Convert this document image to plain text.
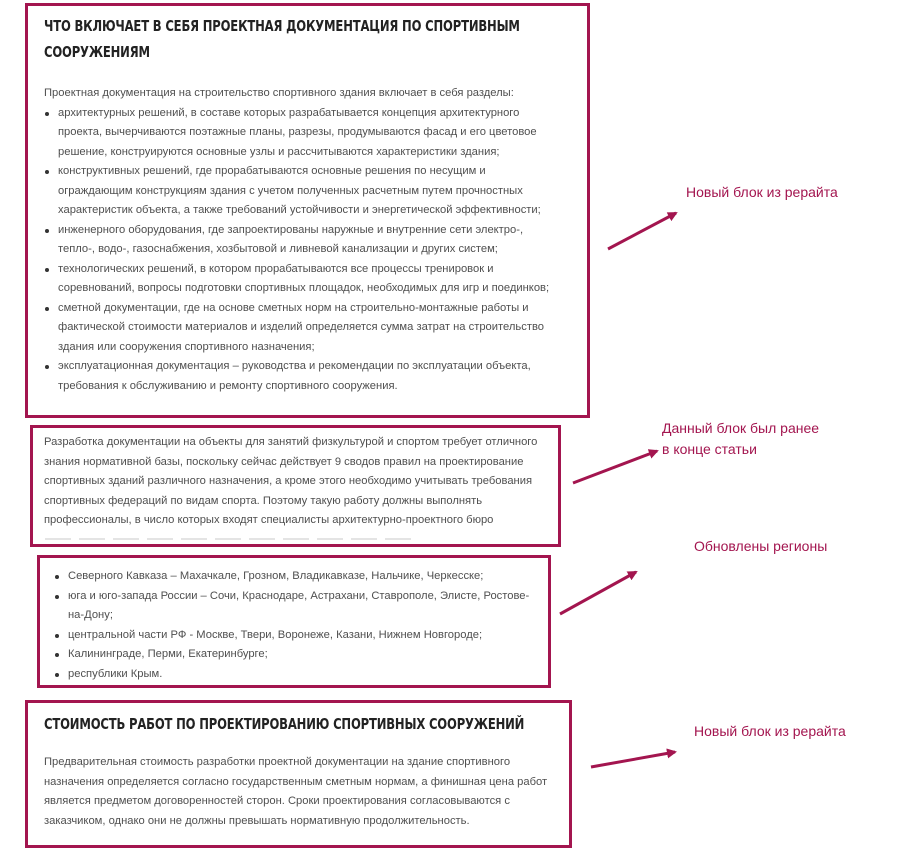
ЧТО ВКЛЮЧАЕТ В СЕБЯ ПРОЕКТНАЯ ДОКУМЕНТАЦИЯ ПО СПОРТИВНЫМ СООРУЖЕНИЯМ

Проектная документация на строительство спортивного здания включает в себя разделы:

архитектурных решений, в составе которых разрабатывается концепция архитектурного проекта, вычерчиваются поэтажные планы, разрезы, продумываются фасад и его цветовое решение, конструируются основные узлы и рассчитываются характеристики здания;
конструктивных решений, где прорабатываются основные решения по несущим и ограждающим конструкциям здания с учетом полученных расчетным путем прочностных характеристик объекта, а также требований устойчивости и энергетической эффективности;
инженерного оборудования, где запроектированы наружные и внутренние сети электро-, тепло-, водо-, газоснабжения, хозбытовой и ливневой канализации и других систем;
технологических решений, в котором прорабатываются все процессы тренировок и соревнований, вопросы подготовки спортивных площадок, необходимых для игр и поединков;
сметной документации, где на основе сметных норм на строительно-монтажные работы и фактической стоимости материалов и изделий определяется сумма затрат на строительство здания или сооружения спортивного назначения;
эксплуатационная документация – руководства и рекомендации по эксплуатации объекта, требования к обслуживанию и ремонту спортивного сооружения.

Разработка документации на объекты для занятий физкультурой и спортом требует отличного знания нормативной базы, поскольку сейчас действует 9 сводов правил на проектирование спортивных зданий различного назначения, а кроме этого необходимо учитывать требования спортивных федераций по видам спорта. Поэтому такую работу должны выполнять профессионалы, в число которых входят специалисты архитектурно-проектного бюро

Северного Кавказа – Махачкале, Грозном, Владикавказе, Нальчике, Черкесске;
юга и юго-запада России – Сочи, Краснодаре, Астрахани, Ставрополе, Элисте, Ростове-на-Дону;
центральной части РФ - Москве, Твери, Воронеже, Казани, Нижнем Новгороде;
Калининграде, Перми, Екатеринбурге;
республики Крым.
СТОИМОСТЬ РАБОТ ПО ПРОЕКТИРОВАНИЮ СПОРТИВНЫХ СООРУЖЕНИЙ

Предварительная стоимость разработки проектной документации на здание спортивного назначения определяется согласно государственным сметным нормам, а финишная цена работ является предметом договоренностей сторон. Сроки проектирования согласовываются с заказчиком, однако они не должны превышать нормативную продолжительность.

Новый блок из рерайта
Данный блок был ранее
в конце статьи
Обновлены регионы
Новый блок из рерайта
